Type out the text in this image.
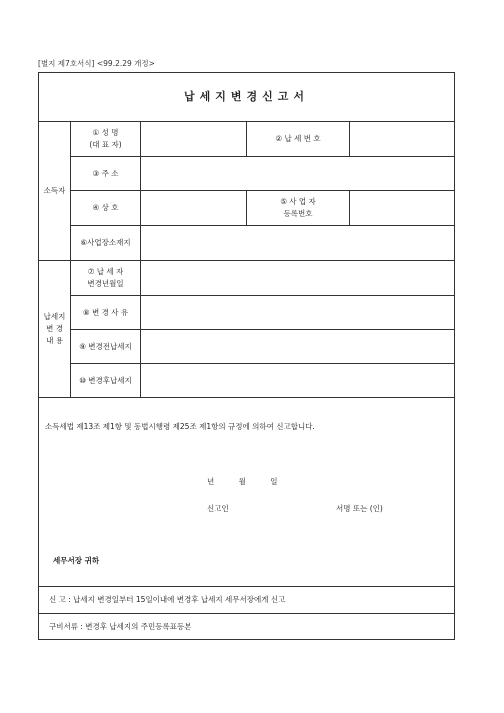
[별지 제7호서식] <99.2.29 개정>
납세지변경신고서
소득자
① 성 명
(대 표 자)
② 납 세 번 호
③ 주 소
④ 상 호
⑤ 사 업 자
등록번호
⑥사업장소재지
납세지
변 경
내 용
⑦ 납 세 자
변경년월일
⑧ 변 경 사 유
⑨ 변경전납세지
⑩ 변경후납세지
소득세법 제13조 제1항 및 동법시행령 제25조 제1항의 규정에 의하여 신고합니다.
년 월 일
신고인	서명 또는 (인)
세무서장 귀하
신 고 : 납세지 변경일부터 15일이내에 변경후 납세지 세무서장에게 신고
구비서류 : 변경후 납세지의 주민등록표등본
